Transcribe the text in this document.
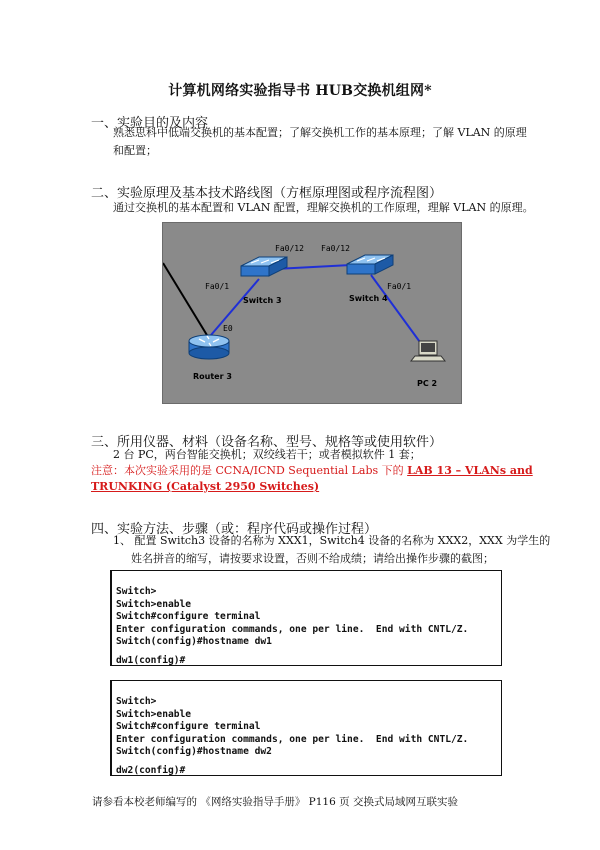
计算机网络实验指导书 HUB交换机组网*
一、实验目的及内容
熟悉思科中低端交换机的基本配置；了解交换机工作的基本原理；了解 VLAN 的原理
和配置；
二、实验原理及基本技术路线图（方框原理图或程序流程图）
通过交换机的基本配置和 VLAN 配置，理解交换机的工作原理，理解 VLAN 的原理。
Fa0/12 Fa0/12
Fa0/1	Fa0/1
E0
Switch 3	Switch 4
Router 3
PC 2
三、所用仪器、材料（设备名称、型号、规格等或使用软件）
2 台 PC，两台智能交换机；双绞线若干；或者模拟软件 1 套；
注意：本次实验采用的是 CCNA/ICND Sequential Labs 下的 LAB 13 – VLANs and
TRUNKING (Catalyst 2950 Switches)
四、实验方法、步骤（或：程序代码或操作过程）
1、 配置 Switch3 设备的名称为 XXX1，Switch4 设备的名称为 XXX2，XXX 为学生的
姓名拼音的缩写，请按要求设置，否则不给成绩；请给出操作步骤的截图；

Switch>
Switch>enable
Switch#configure terminal
Enter configuration commands, one per line.  End with CNTL/Z.
Switch(config)#hostname dw1
dw1(config)#

Switch>
Switch>enable
Switch#configure terminal
Enter configuration commands, one per line.  End with CNTL/Z.
Switch(config)#hostname dw2
dw2(config)#

请参看本校老师编写的 《网络实验指导手册》 P116 页 交换式局域网互联实验
